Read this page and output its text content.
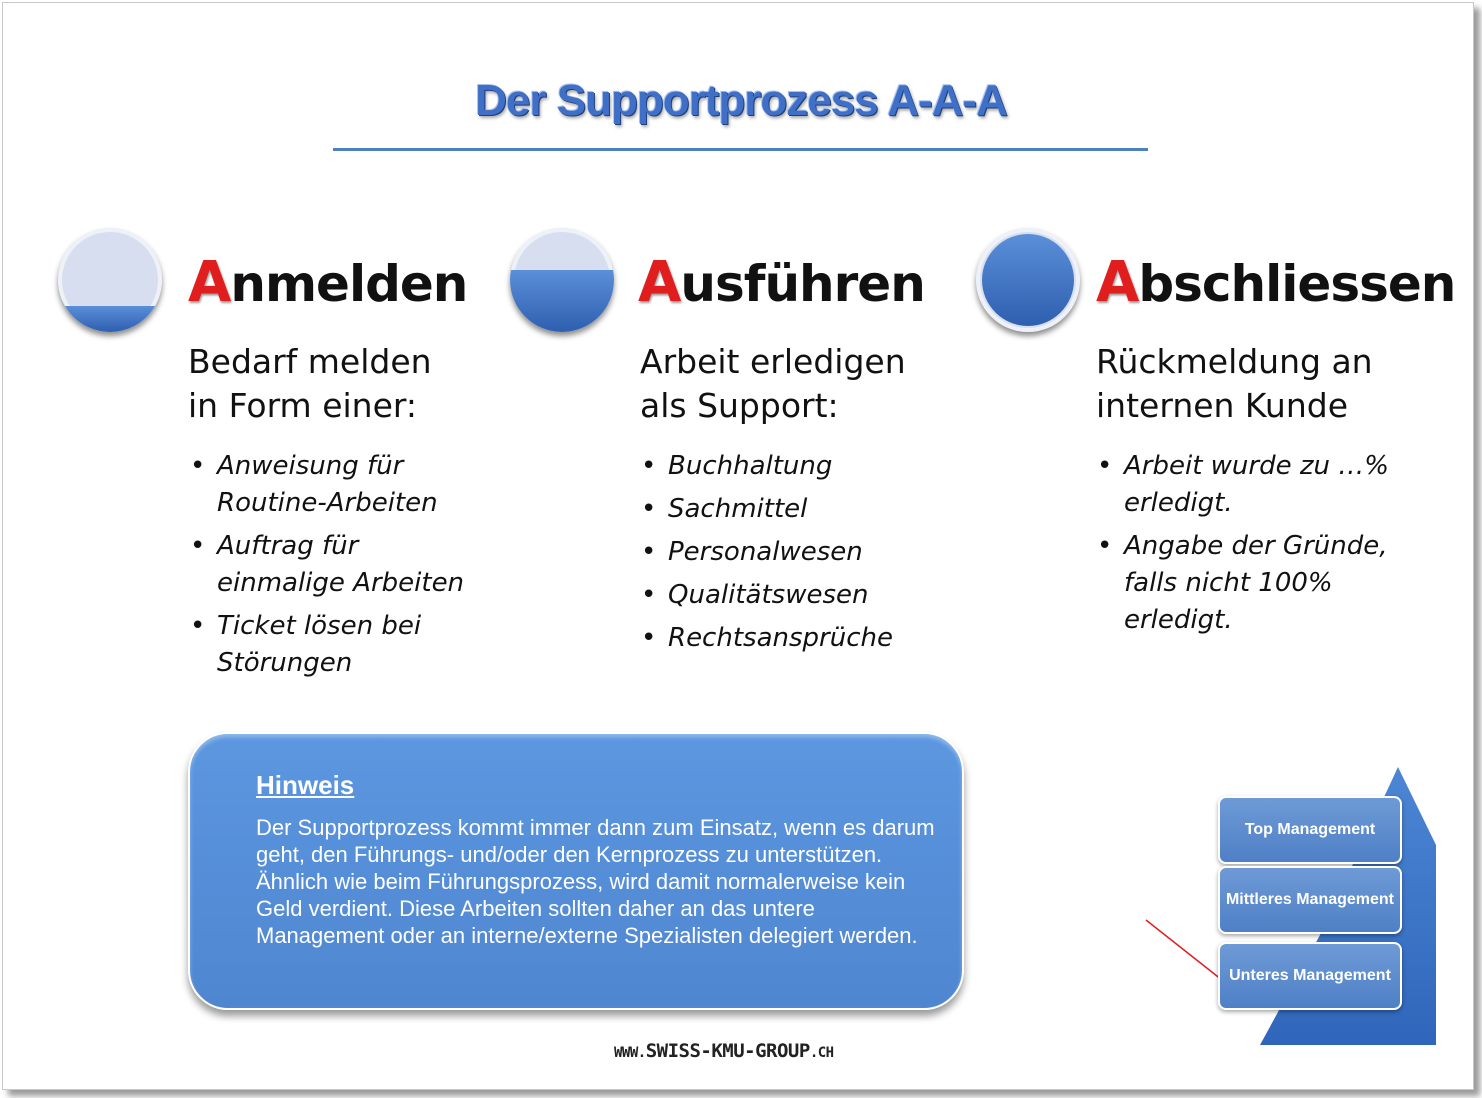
Der Supportprozess A-A-A
Anmelden
Bedarf melden
in Form einer:
• Anweisung für Routine-Arbeiten
• Auftrag für einmalige Arbeiten
• Ticket lösen bei Störungen
Ausführen
Arbeit erledigen
als Support:
• Buchhaltung
• Sachmittel
• Personalwesen
• Qualitätswesen
• Rechtsansprüche
Abschliessen
Rückmeldung an
internen Kunde
• Arbeit wurde zu …% erledigt.
• Angabe der Gründe, falls nicht 100% erledigt.
Hinweis
Der Supportprozess kommt immer dann zum Einsatz, wenn es darum geht, den Führungs- und/oder den Kernprozess zu unterstützen. Ähnlich wie beim Führungsprozess, wird damit normalerweise kein Geld verdient. Diese Arbeiten sollten daher an das untere Management oder an interne/externe Spezialisten delegiert werden.
Top Management
Mittleres Management
Unteres Management
WWW.SWISS-KMU-GROUP.CH
